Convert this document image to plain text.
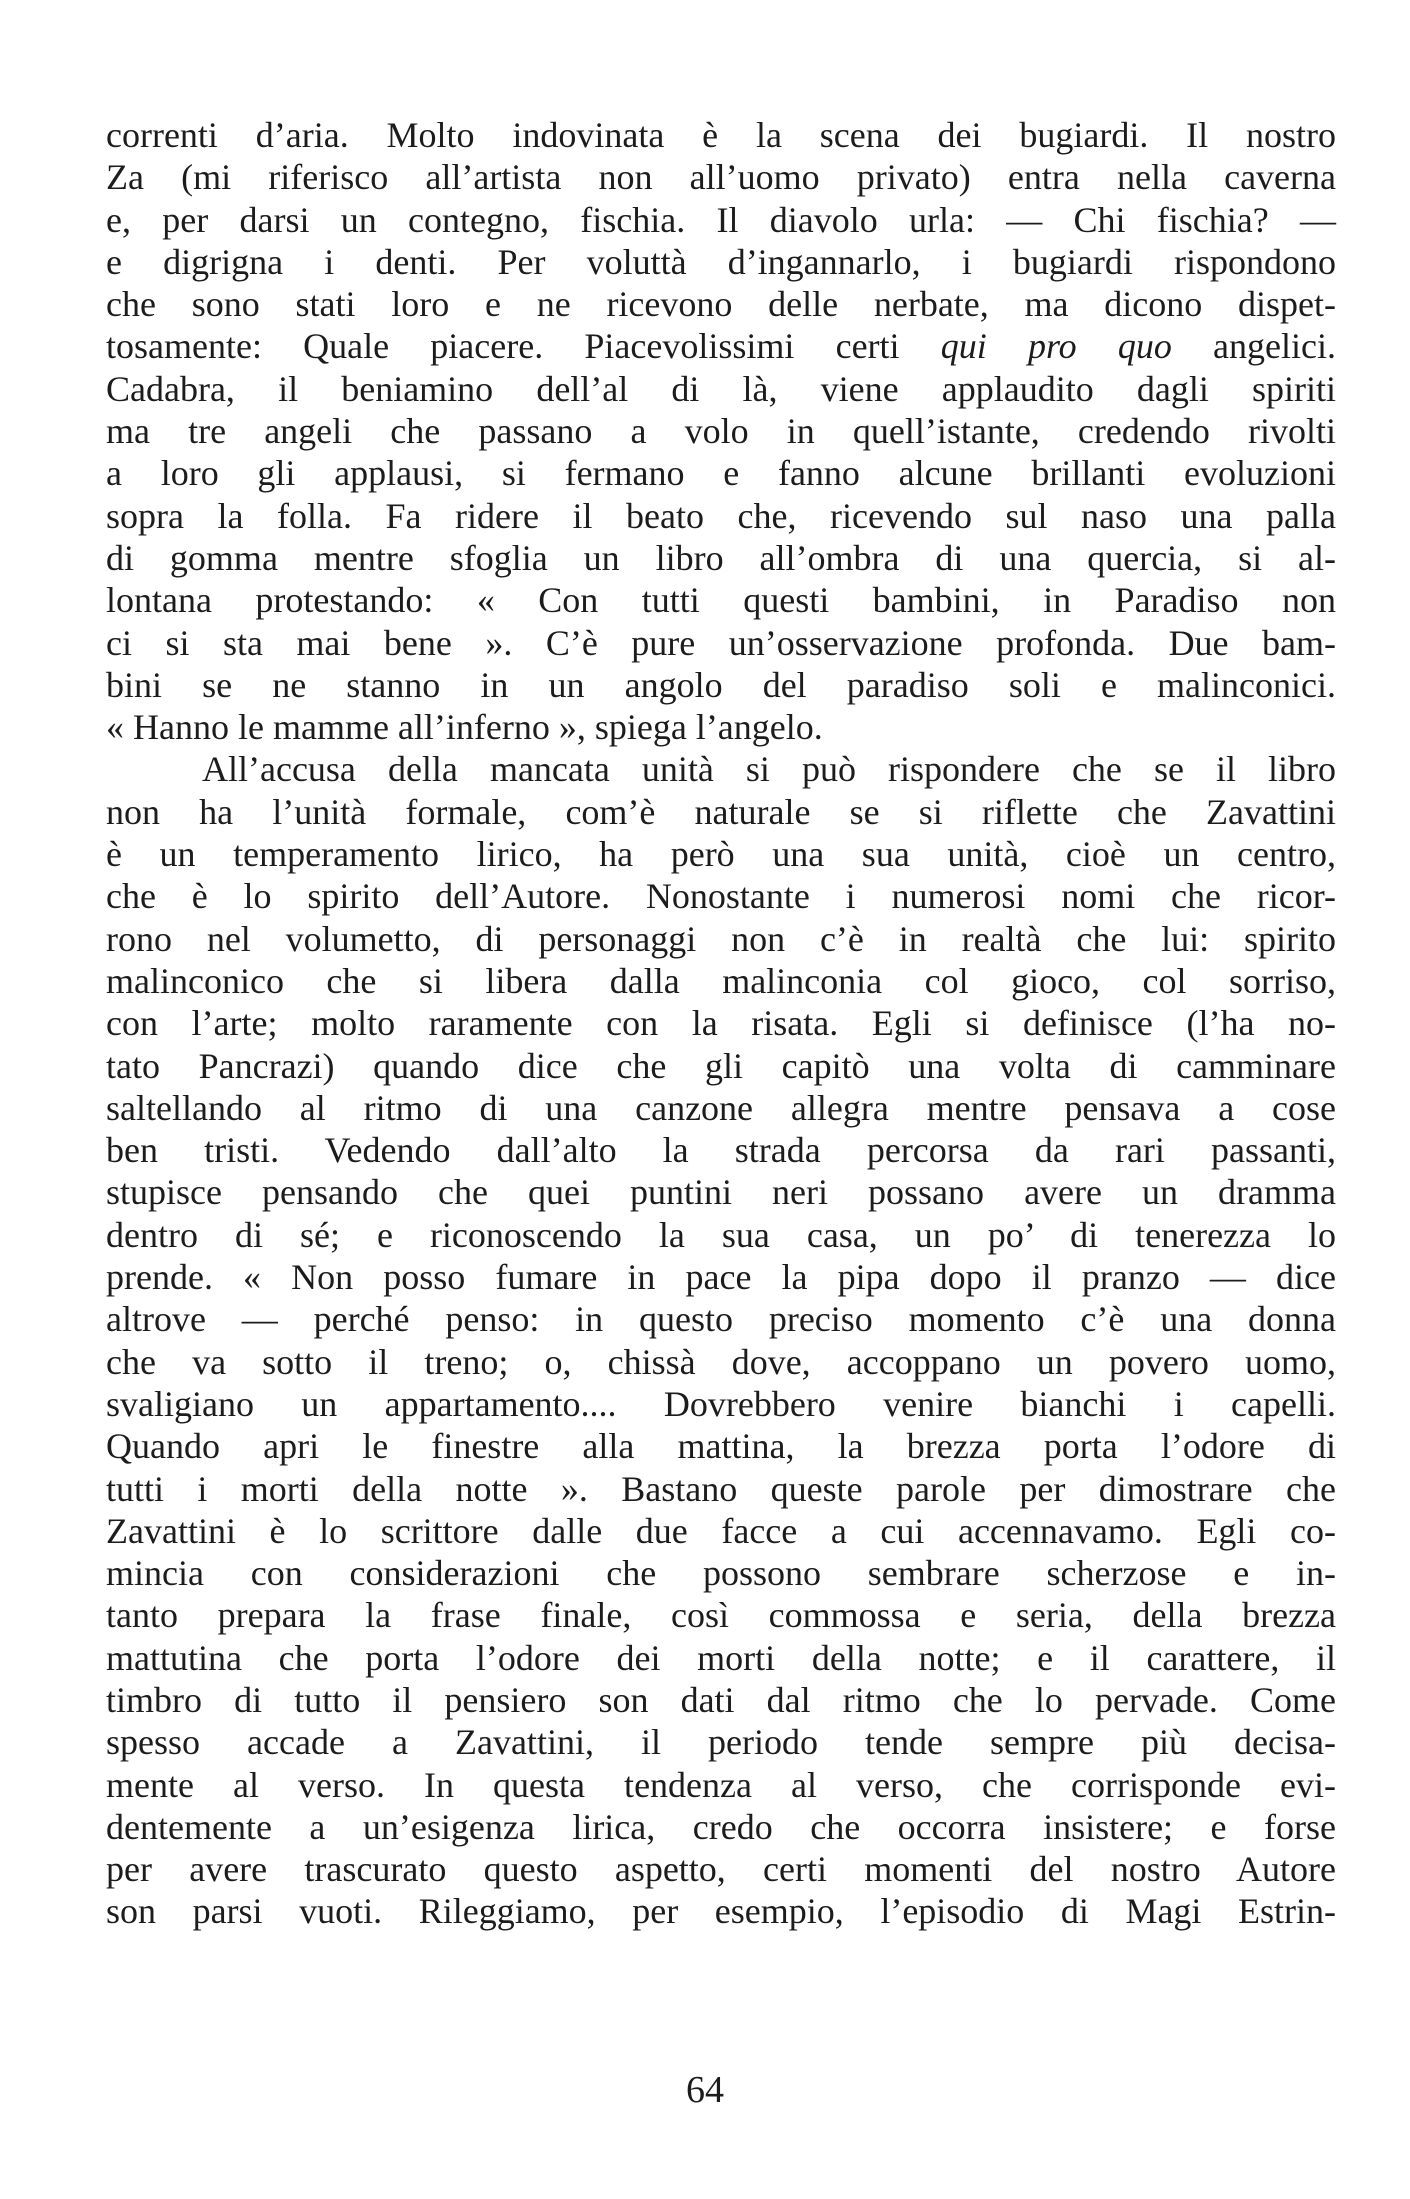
correnti d’aria. Molto indovinata è la scena dei bugiardi. Il nostro
Za (mi riferisco all’artista non all’uomo privato) entra nella caverna
e, per darsi un contegno, fischia. Il diavolo urla: — Chi fischia? —
e digrigna i denti. Per voluttà d’ingannarlo, i bugiardi rispondono
che sono stati loro e ne ricevono delle nerbate, ma dicono dispet-
tosamente: Quale piacere. Piacevolissimi certi qui pro quo angelici.
Cadabra, il beniamino dell’al di là, viene applaudito dagli spiriti
ma tre angeli che passano a volo in quell’istante, credendo rivolti
a loro gli applausi, si fermano e fanno alcune brillanti evoluzioni
sopra la folla. Fa ridere il beato che, ricevendo sul naso una palla
di gomma mentre sfoglia un libro all’ombra di una quercia, si al-
lontana protestando: « Con tutti questi bambini, in Paradiso non
ci si sta mai bene ». C’è pure un’osservazione profonda. Due bam-
bini se ne stanno in un angolo del paradiso soli e malinconici.
« Hanno le mamme all’inferno », spiega l’angelo.
All’accusa della mancata unità si può rispondere che se il libro
non ha l’unità formale, com’è naturale se si riflette che Zavattini
è un temperamento lirico, ha però una sua unità, cioè un centro,
che è lo spirito dell’Autore. Nonostante i numerosi nomi che ricor-
rono nel volumetto, di personaggi non c’è in realtà che lui: spirito
malinconico che si libera dalla malinconia col gioco, col sorriso,
con l’arte; molto raramente con la risata. Egli si definisce (l’ha no-
tato Pancrazi) quando dice che gli capitò una volta di camminare
saltellando al ritmo di una canzone allegra mentre pensava a cose
ben tristi. Vedendo dall’alto la strada percorsa da rari passanti,
stupisce pensando che quei puntini neri possano avere un dramma
dentro di sé; e riconoscendo la sua casa, un po’ di tenerezza lo
prende. « Non posso fumare in pace la pipa dopo il pranzo — dice
altrove — perché penso: in questo preciso momento c’è una donna
che va sotto il treno; o, chissà dove, accoppano un povero uomo,
svaligiano un appartamento.... Dovrebbero venire bianchi i capelli.
Quando apri le finestre alla mattina, la brezza porta l’odore di
tutti i morti della notte ». Bastano queste parole per dimostrare che
Zavattini è lo scrittore dalle due facce a cui accennavamo. Egli co-
mincia con considerazioni che possono sembrare scherzose e in-
tanto prepara la frase finale, così commossa e seria, della brezza
mattutina che porta l’odore dei morti della notte; e il carattere, il
timbro di tutto il pensiero son dati dal ritmo che lo pervade. Come
spesso accade a Zavattini, il periodo tende sempre più decisa-
mente al verso. In questa tendenza al verso, che corrisponde evi-
dentemente a un’esigenza lirica, credo che occorra insistere; e forse
per avere trascurato questo aspetto, certi momenti del nostro Autore
son parsi vuoti. Rileggiamo, per esempio, l’episodio di Magi Estrin-
64
